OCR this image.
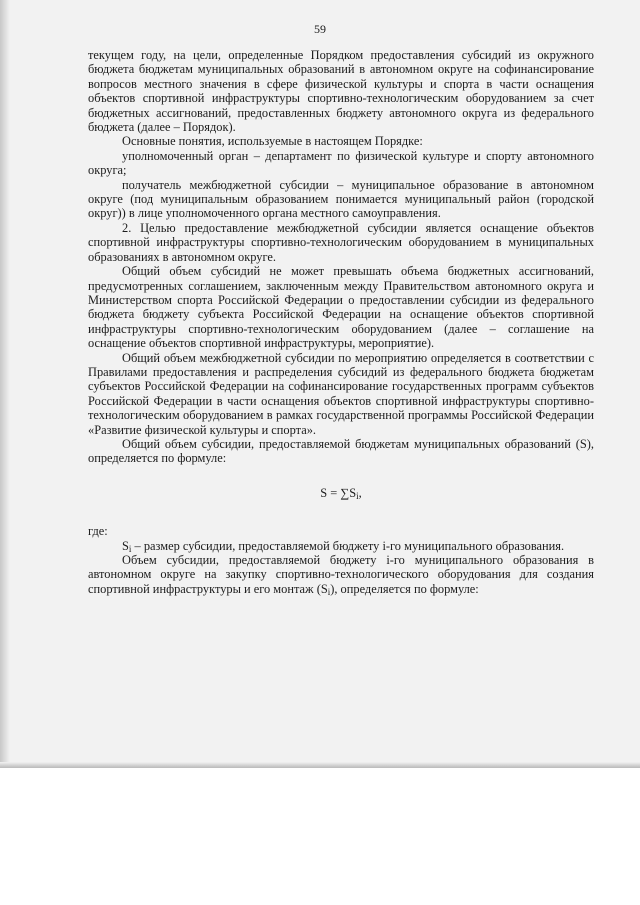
59

текущем году, на цели, определенные Порядком предоставления субсидий из окружного бюджета бюджетам муниципальных образований в автономном округе на софинансирование вопросов местного значения в сфере физической культуры и спорта в части оснащения объектов спортивной инфраструктуры спортивно-технологическим оборудованием за счет бюджетных ассигнований, предоставленных бюджету автономного округа из федерального бюджета (далее – Порядок).

Основные понятия, используемые в настоящем Порядке:

уполномоченный орган – департамент по физической культуре и спорту автономного округа;

получатель межбюджетной субсидии – муниципальное образование в автономном округе (под муниципальным образованием понимается муниципальный район (городской округ)) в лице уполномоченного органа местного самоуправления.

2. Целью предоставление межбюджетной субсидии является оснащение объектов спортивной инфраструктуры спортивно-технологическим оборудованием в муниципальных образованиях в автономном округе.

Общий объем субсидий не может превышать объема бюджетных ассигнований, предусмотренных соглашением, заключенным между Правительством автономного округа и Министерством спорта Российской Федерации о предоставлении субсидии из федерального бюджета бюджету субъекта Российской Федерации на оснащение объектов спортивной инфраструктуры спортивно-технологическим оборудованием (далее – соглашение на оснащение объектов спортивной инфраструктуры, мероприятие).

Общий объем межбюджетной субсидии по мероприятию определяется в соответствии с Правилами предоставления и распределения субсидий из федерального бюджета бюджетам субъектов Российской Федерации на софинансирование государственных программ субъектов Российской Федерации в части оснащения объектов спортивной инфраструктуры спортивно-технологическим оборудованием в рамках государственной программы Российской Федерации «Развитие физической культуры и спорта».

Общий объем субсидии, предоставляемой бюджетам муниципальных образований (S), определяется по формуле:

$S = \sum S_i$,

где:

$S_i$ – размер субсидии, предоставляемой бюджету i-го муниципального образования.

Объем субсидии, предоставляемой бюджету i-го муниципального образования в автономном округе на закупку спортивно-технологического оборудования для создания спортивной инфраструктуры и его монтаж $(S_i)$, определяется по формуле:
